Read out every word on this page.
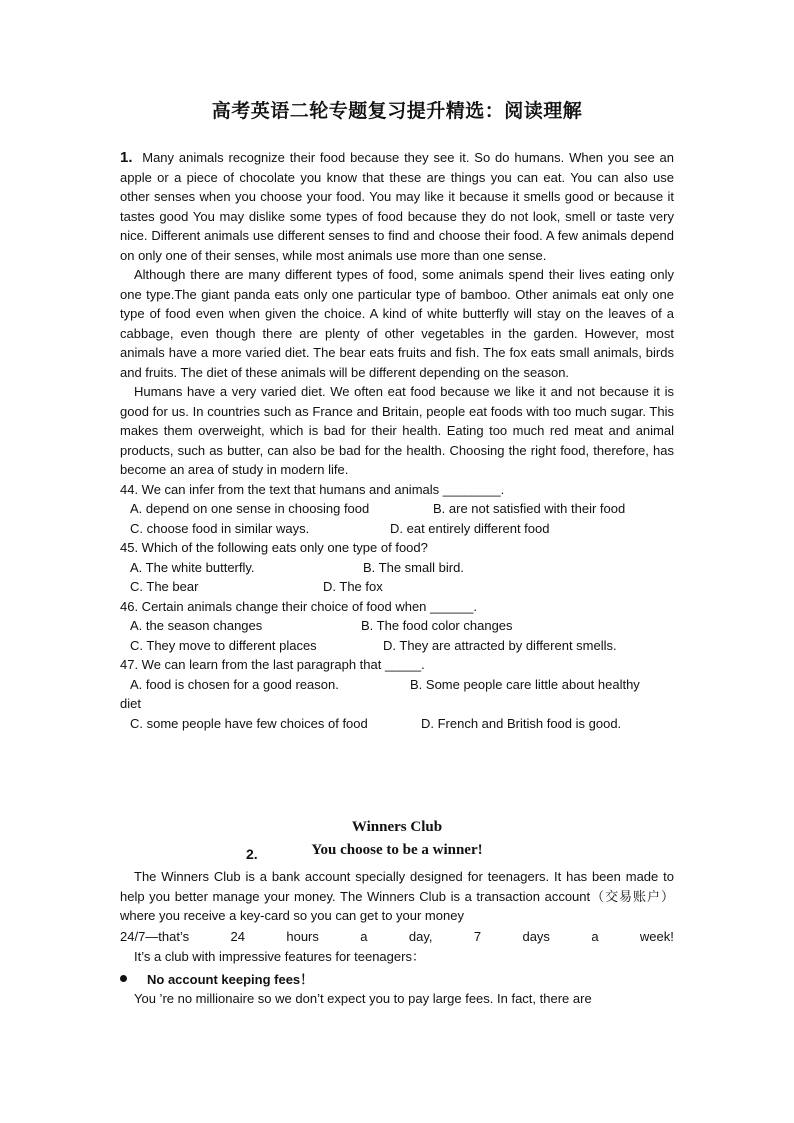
高考英语二轮专题复习提升精选：阅读理解

1. Many animals recognize their food because they see it. So do humans. When you see an apple or a piece of chocolate you know that these are things you can eat. You can also use other senses when you choose your food. You may like it because it smells good or because it tastes good You may dislike some types of food because they do not look, smell or taste very nice. Different animals use different senses to find and choose their food. A few animals depend on only one of their senses, while most animals use more than one sense.

Although there are many different types of food, some animals spend their lives eating only one type.The giant panda eats only one particular type of bamboo. Other animals eat only one type of food even when given the choice. A kind of white butterfly will stay on the leaves of a cabbage, even though there are plenty of other vegetables in the garden. However, most animals have a more varied diet. The bear eats fruits and fish. The fox eats small animals, birds and fruits. The diet of these animals will be different depending on the season.

Humans have a very varied diet. We often eat food because we like it and not because it is good for us. In countries such as France and Britain, people eat foods with too much sugar. This makes them overweight, which is bad for their health. Eating too much red meat and animal products, such as butter, can also be bad for the health. Choosing the right food, therefore, has become an area of study in modern life.

44. We can infer from the text that humans and animals ________.

A. depend on one sense in choosing food	B. are not satisfied with their food

C. choose food in similar ways.	D. eat entirely different food

45. Which of the following eats only one type of food?

A. The white butterfly.	B. The small bird.

C. The bear	D. The fox

46. Certain animals change their choice of food when ______.

A. the season changes	B. The food color changes

C. They move to different places	D. They are attracted by different smells.

47. We can learn from the last paragraph that _____.

A. food is chosen for a good reason.	B. Some people care little about healthy

diet

C. some people have few choices of food	D. French and British food is good.

Winners Club
2.	You choose to be a winner!

The Winners Club is a bank account specially designed for teenagers. It has been made to help you better manage your money. The Winners Club is a transaction account（交易账户） where you receive a key-card so you can get to your money

24/7—that’s	24	hours	a	day,	7	days	a	week!

It’s a club with impressive features for teenagers：

No account keeping fees！

You ’re no millionaire so we don’t expect you to pay large fees. In fact, there are
